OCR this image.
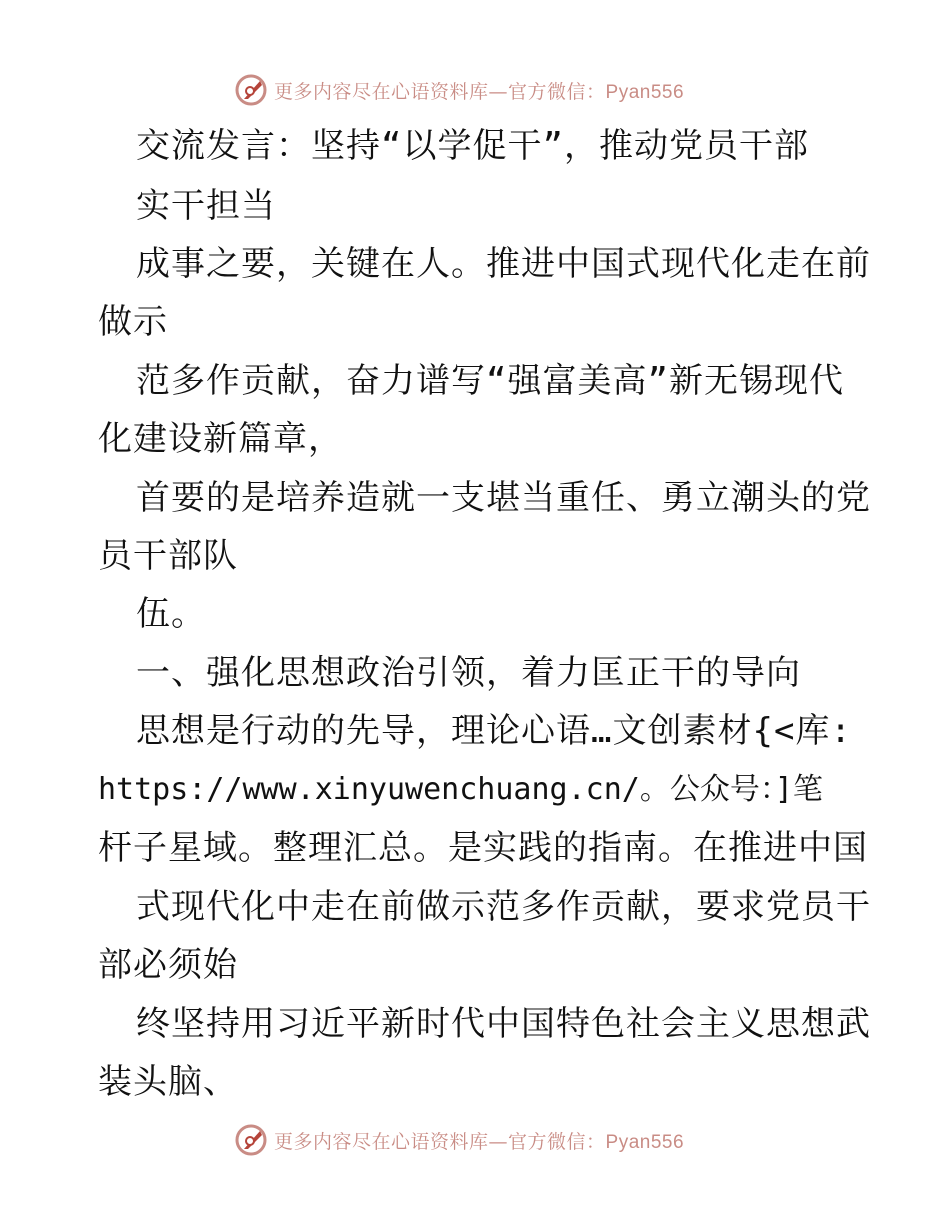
更多内容尽在心语资料库—官方微信：Pyan556
交流发言：坚持“以学促干”，推动党员干部
实干担当
成事之要，关键在人。推进中国式现代化走在前
做示
范多作贡献，奋力谱写“强富美高”新无锡现代
化建设新篇章，
首要的是培养造就一支堪当重任、勇立潮头的党
员干部队
伍。
一、强化思想政治引领，着力匡正干的导向
思想是行动的先导，理论心语…文创素材{<库:
https://www.xinyuwenchuang.cn/。公众号：]笔
杆子星域。整理汇总。是实践的指南。在推进中国
式现代化中走在前做示范多作贡献，要求党员干
部必须始
终坚持用习近平新时代中国特色社会主义思想武
装头脑、
更多内容尽在心语资料库—官方微信：Pyan556
